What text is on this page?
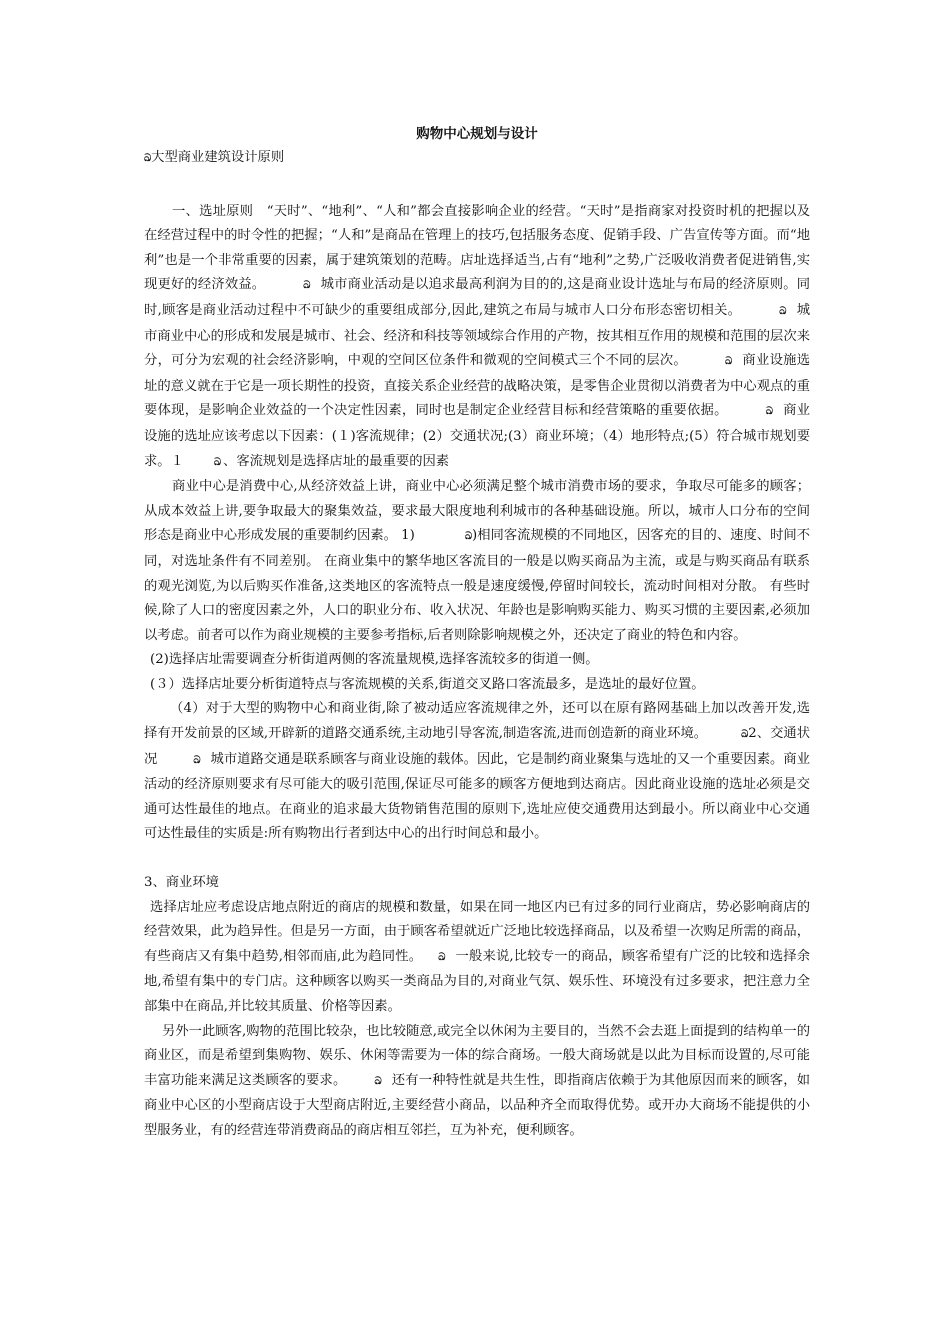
购物中心规划与设计

ඛ大型商业建筑设计原则

一、选址原则　“天时”、“地利”、“人和”都会直接影响企业的经营。“天时”是指商家对投资时机的把握以及在经营过程中的时令性的把握；“人和”是商品在管理上的技巧,包括服务态度、促销手段、广告宣传等方面。而“地利”也是一个非常重要的因素，属于建筑策划的范畴。店址选择适当,占有“地利”之势,广泛吸收消费者促进销售,实现更好的经济效益。	ඛ 城市商业活动是以追求最高利润为目的的,这是商业设计选址与布局的经济原则。同时,顾客是商业活动过程中不可缺少的重要组成部分,因此,建筑之布局与城市人口分布形态密切相关。	ඛ 城市商业中心的形成和发展是城市、社会、经济和科技等领域综合作用的产物，按其相互作用的规模和范围的层次来分，可分为宏观的社会经济影响，中观的空间区位条件和微观的空间模式三个不同的层次。	ඛ 商业设施选址的意义就在于它是一项长期性的投资，直接关系企业经营的战略决策，是零售企业贯彻以消费者为中心观点的重要体现，是影响企业效益的一个决定性因素，同时也是制定企业经营目标和经营策略的重要依据。	ඛ 商业设施的选址应该考虑以下因素：(１)客流规律；(2）交通状况;(3）商业环境；（4）地形特点;(5）符合城市规划要求。１	ඛ 、客流规划是选择店址的最重要的因素

商业中心是消费中心,从经济效益上讲，商业中心必须满足整个城市消费市场的要求，争取尽可能多的顾客；从成本效益上讲,要争取最大的聚集效益，要求最大限度地利利城市的各种基础设施。所以，城市人口分布的空间形态是商业中心形成发展的重要制约因素。 1)	ඛ)相同客流规模的不同地区，因客充的目的、速度、时间不同，对选址条件有不同差别。 在商业集中的繁华地区客流目的一般是以购买商品为主流，或是与购买商品有联系的观光浏览,为以后购买作准备,这类地区的客流特点一般是速度缓慢,停留时间较长，流动时间相对分散。 有些时候,除了人口的密度因素之外，人口的职业分布、收入状况、年龄也是影响购买能力、购买习惯的主要因素,必须加以考虑。前者可以作为商业规模的主要参考指标,后者则除影响规模之外，还决定了商业的特色和内容。

(2)选择店址需要调查分析街道两侧的客流量规模,选择客流较多的街道一侧。

(３）选择店址要分析街道特点与客流规模的关系,街道交叉路口客流最多，是选址的最好位置。

（4）对于大型的购物中心和商业街,除了被动适应客流规律之外，还可以在原有路网基础上加以改善开发,选择有开发前景的区域,开辟新的道路交通系统,主动地引导客流,制造客流,进而创造新的商业环境。	ඛ2、交通状况	ඛ 城市道路交通是联系顾客与商业设施的载体。因此，它是制约商业聚集与选址的又一个重要因素。商业活动的经济原则要求有尽可能大的吸引范围,保证尽可能多的顾客方便地到达商店。因此商业设施的选址必须是交通可达性最佳的地点。在商业的追求最大货物销售范围的原则下,选址应使交通费用达到最小。所以商业中心交通可达性最佳的实质是:所有购物出行者到达中心的出行时间总和最小。

3、商业环境

选择店址应考虑设店地点附近的商店的规模和数量，如果在同一地区内已有过多的同行业商店，势必影响商店的经营效果，此为趋异性。但是另一方面，由于顾客希望就近广泛地比较选择商品，以及希望一次购足所需的商品，有些商店又有集中趋势,相邻而庙,此为趋同性。 ඛ 一般来说,比较专一的商品，顾客希望有广泛的比较和选择余地,希望有集中的专门店。这种顾客以购买一类商品为目的,对商业气氛、娱乐性、环境没有过多要求，把注意力全部集中在商品,并比较其质量、价格等因素。

另外一此顾客,购物的范围比较杂，也比较随意,或完全以休闲为主要目的，当然不会去逛上面提到的结构单一的商业区，而是希望到集购物、娱乐、休闲等需要为一体的综合商场。一般大商场就是以此为目标而设置的,尽可能丰富功能来满足这类顾客的要求。	ඛ 还有一种特性就是共生性，即指商店依赖于为其他原因而来的顾客，如商业中心区的小型商店设于大型商店附近,主要经营小商品，以品种齐全而取得优势。或开办大商场不能提供的小型服务业，有的经营连带消费商品的商店相互邻拦，互为补充，便利顾客。
